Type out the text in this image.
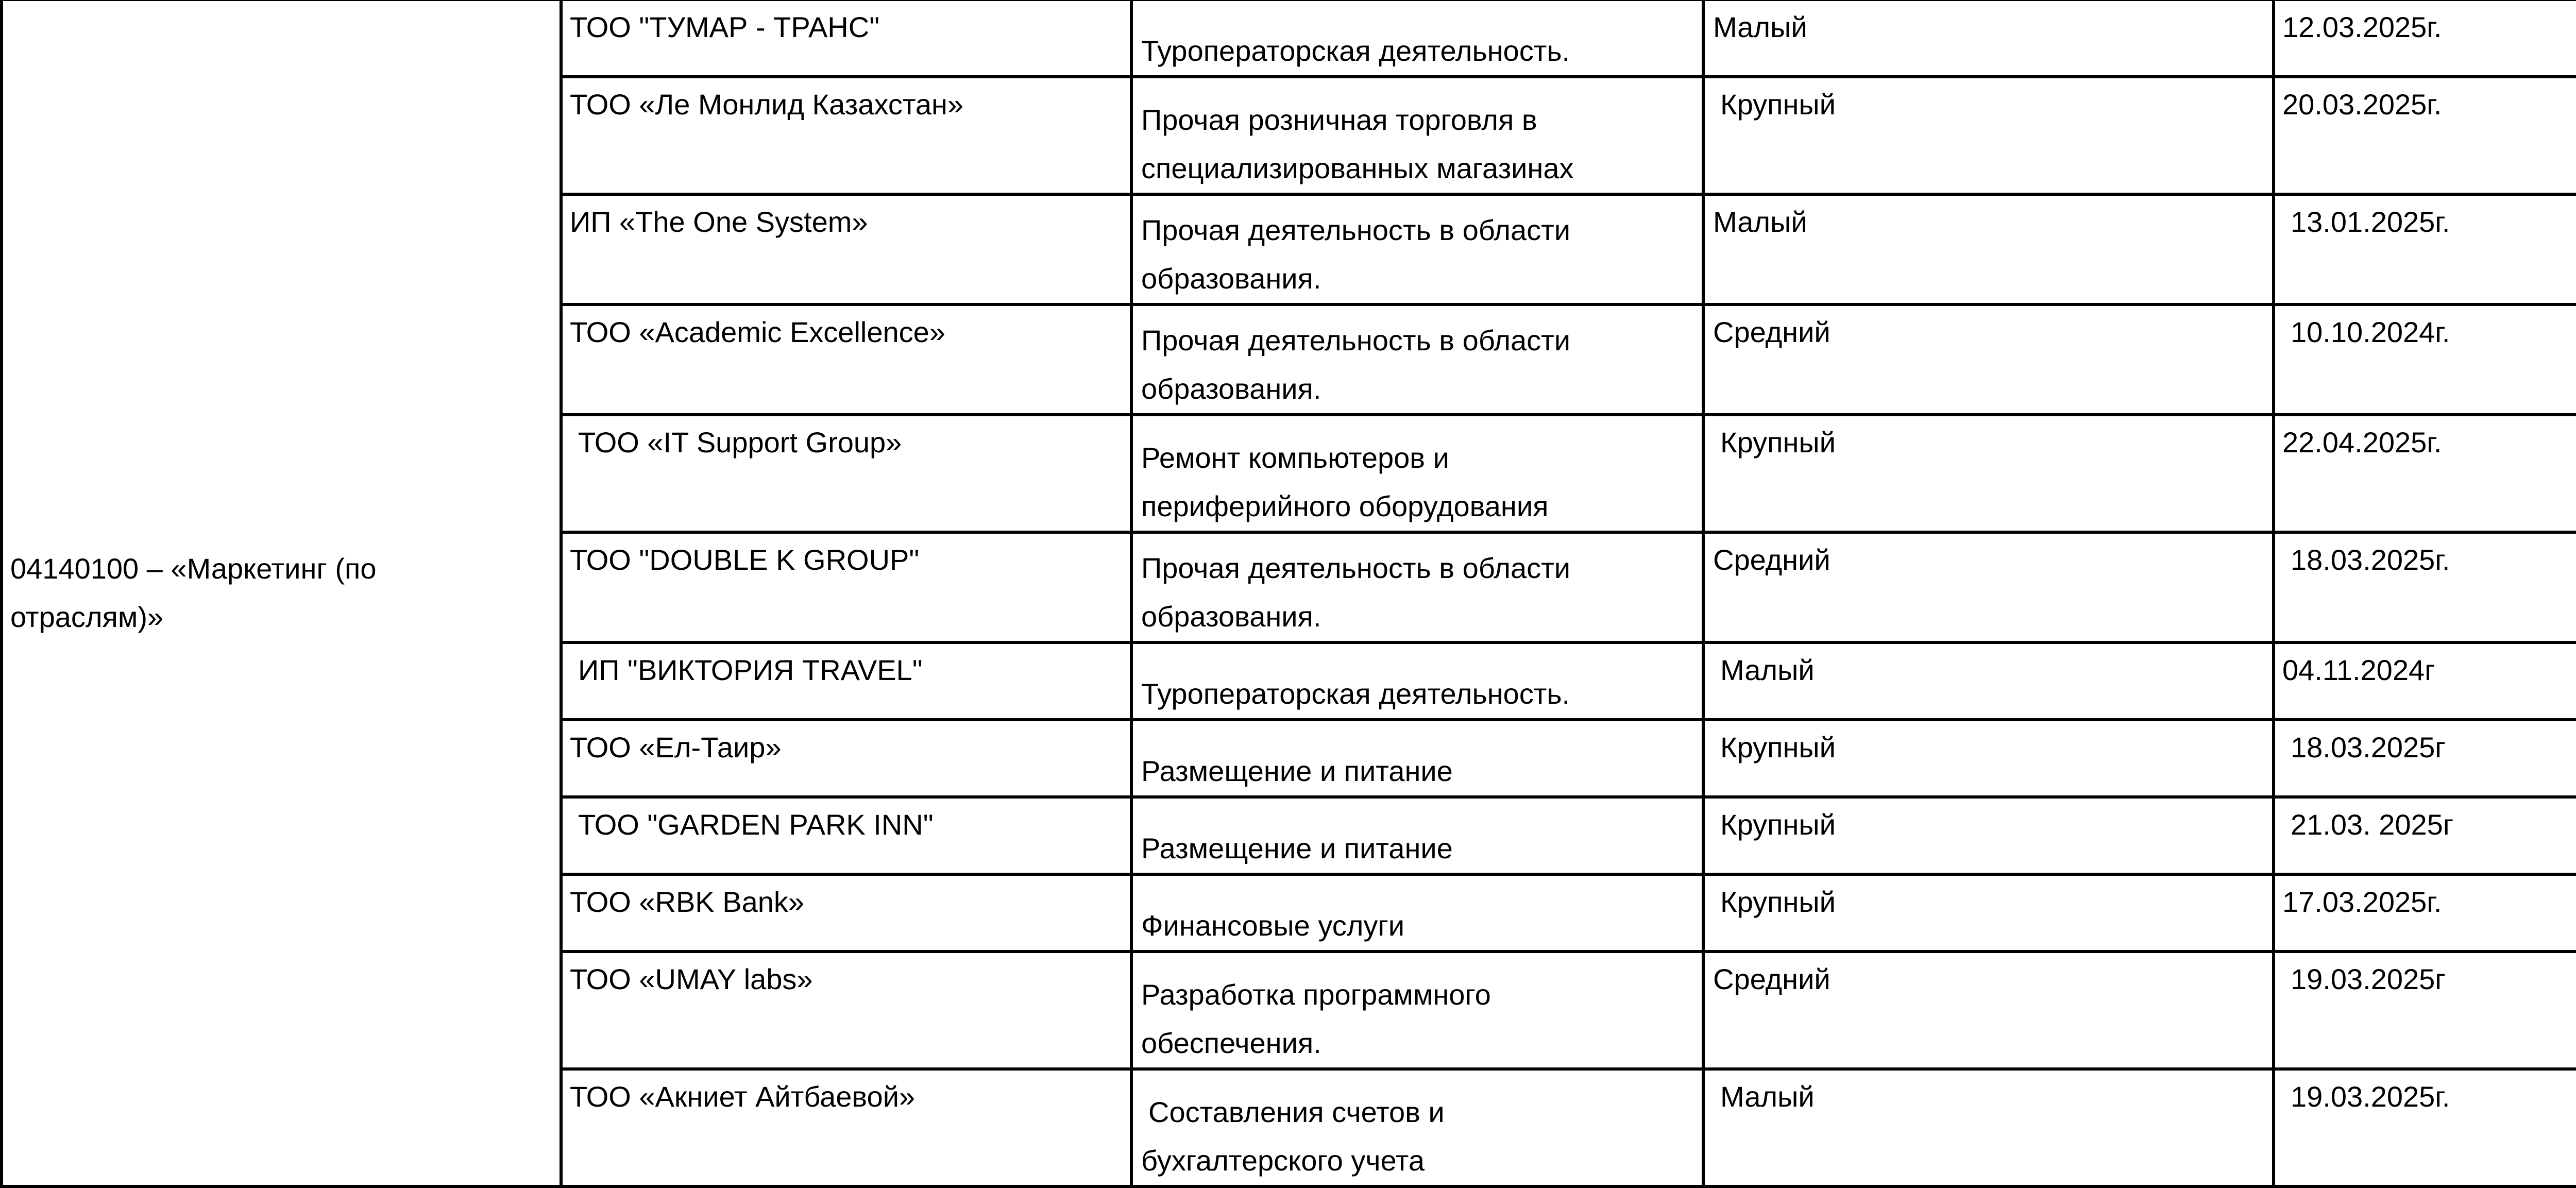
04140100 – «Маркетинг (по
отраслям)»	ТОО "ТУМАР - ТРАНС"	Туроператорская деятельность.	Малый	12.03.2025г.

	ТОО «Ле Монлид Казахстан»	Прочая розничная торговля в
специализированных магазинах	Крупный	20.03.2025г.	

	ИП «The One System»	Прочая деятельность в области
образования.	Малый	13.01.2025г.	

	ТОО «Academic Excellence»	Прочая деятельность в области
образования.	Средний	10.10.2024г.	

	ТОО «IT Support Group»	Ремонт компьютеров и
периферийного оборудования	Крупный	22.04.2025г.	

	ТОО "DOUBLE K GROUP"	Прочая деятельность в области
образования.	Средний	18.03.2025г.	

	ИП "ВИКТОРИЯ TRAVEL"	Туроператорская деятельность.	Малый	04.11.2024г	

	ТОО «Ел-Таир»	Размещение и питание	Крупный	18.03.2025г	

	ТОО "GARDEN PARK INN"	Размещение и питание	Крупный	21.03. 2025г	

	ТОО «RBK Bank»	Финансовые услуги	Крупный	17.03.2025г.	

	ТОО «UMAY labs»	Разработка программного
обеспечения.	Средний	19.03.2025г	

	ТОО «Акниет Айтбаевой»	Составления счетов и
бухгалтерского учета	Малый	19.03.2025г.	
